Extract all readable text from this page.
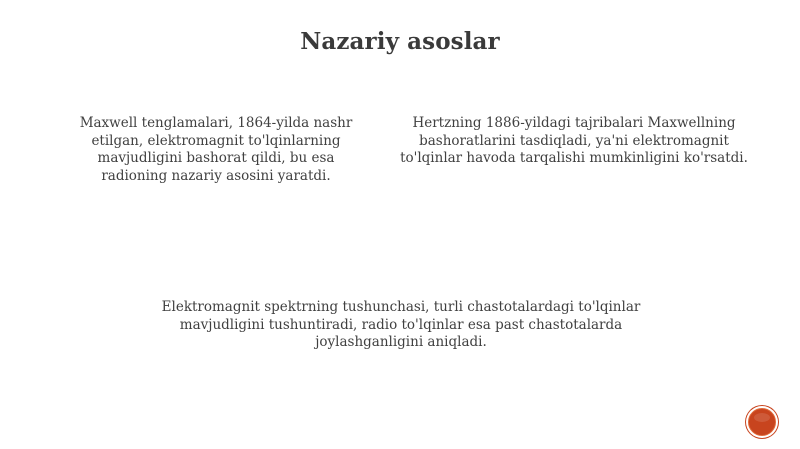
Nazariy asoslar
Maxwell tenglamalari, 1864-yilda nashr etilgan, elektromagnit to'lqinlarning mavjudligini bashorat qildi, bu esa radioning nazariy asosini yaratdi.
Hertzning 1886-yildagi tajribalari Maxwellning bashoratlarini tasdiqladi, ya'ni elektromagnit to'lqinlar havoda tarqalishi mumkinligini ko'rsatdi.
Elektromagnit spektrning tushunchasi, turli chastotalardagi to'lqinlar mavjudligini tushuntiradi, radio to'lqinlar esa past chastotalarda joylashganligini aniqladi.
